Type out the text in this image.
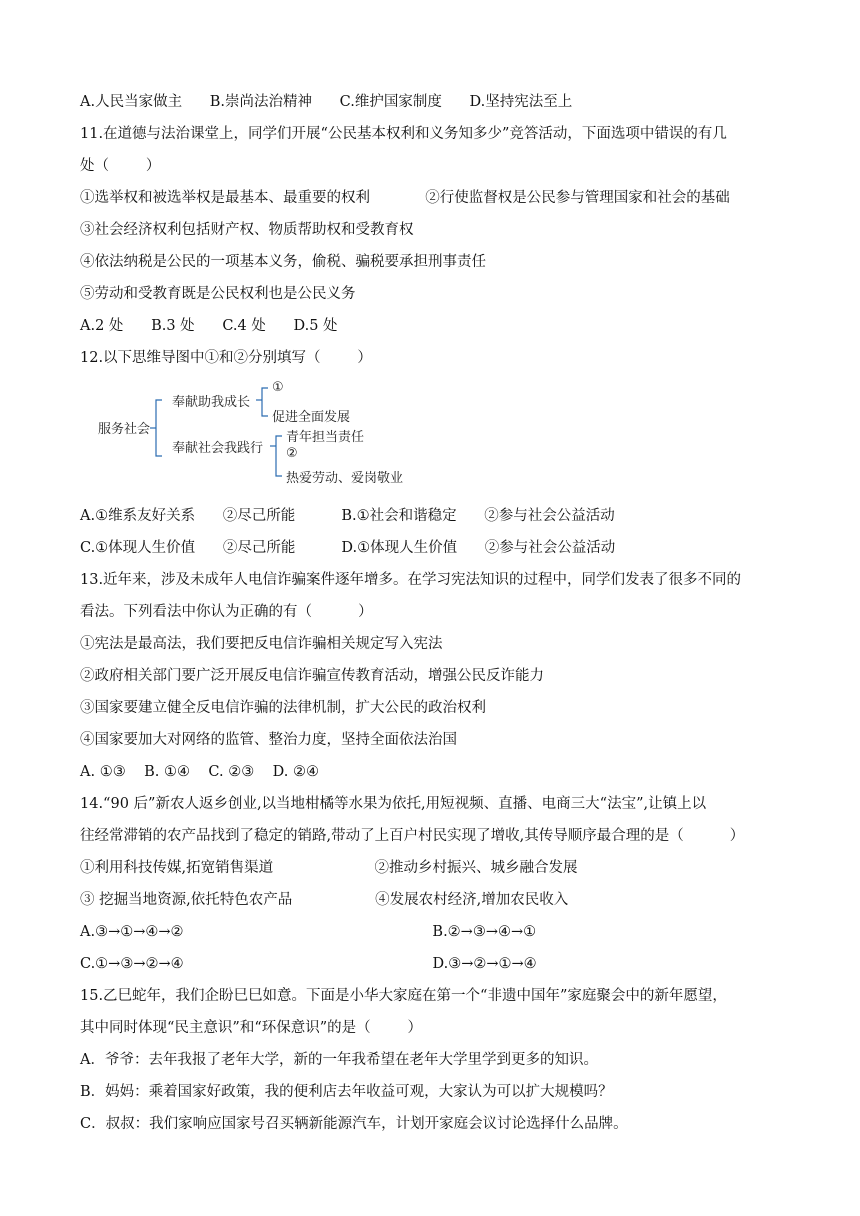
A.人民当家做主      B.崇尚法治精神      C.维护国家制度      D.坚持宪法至上
11.在道德与法治课堂上，同学们开展“公民基本权利和义务知多少”竞答活动，下面选项中错误的有几
处（        ）
①选举权和被选举权是最基本、最重要的权利            ②行使监督权是公民参与管理国家和社会的基础
③社会经济权利包括财产权、物质帮助权和受教育权
④依法纳税是公民的一项基本义务，偷税、骗税要承担刑事责任
⑤劳动和受教育既是公民权利也是公民义务
A.2 处      B.3 处      C.4 处      D.5 处
12.以下思维导图中①和②分别填写（        ）
服务社会
奉献助我成长
①
促进全面发展
奉献社会我践行
青年担当责任
②
热爱劳动、爱岗敬业
A.①维系友好关系      ②尽己所能          B.①社会和谐稳定      ②参与社会公益活动
C.①体现人生价值      ②尽己所能          D.①体现人生价值      ②参与社会公益活动
13.近年来，涉及未成年人电信诈骗案件逐年增多。在学习宪法知识的过程中，同学们发表了很多不同的
看法。下列看法中你认为正确的有（          ）
①宪法是最高法，我们要把反电信诈骗相关规定写入宪法
②政府相关部门要广泛开展反电信诈骗宣传教育活动，增强公民反诈能力
③国家要建立健全反电信诈骗的法律机制，扩大公民的政治权利
④国家要加大对网络的监管、整治力度，坚持全面依法治国
A. ①③    B. ①④    C. ②③    D. ②④
14.“90 后”新农人返乡创业,以当地柑橘等水果为依托,用短视频、直播、电商三大“法宝”,让镇上以
往经常滞销的农产品找到了稳定的销路,带动了上百户村民实现了增收,其传导顺序最合理的是（          ）
①利用科技传媒,拓宽销售渠道                      ②推动乡村振兴、城乡融合发展
③ 挖掘当地资源,依托特色农产品                  ④发展农村经济,增加农民收入
A.③→①→④→②                                                      B.②→③→④→①
C.①→③→②→④                                                      D.③→②→①→④
15.乙巳蛇年，我们企盼巳巳如意。下面是小华大家庭在第一个“非遗中国年”家庭聚会中的新年愿望，
其中同时体现“民主意识”和“环保意识”的是（        ）
A．爷爷：去年我报了老年大学，新的一年我希望在老年大学里学到更多的知识。
B．妈妈：乘着国家好政策，我的便利店去年收益可观，大家认为可以扩大规模吗？
C．叔叔：我们家响应国家号召买辆新能源汽车，计划开家庭会议讨论选择什么品牌。
